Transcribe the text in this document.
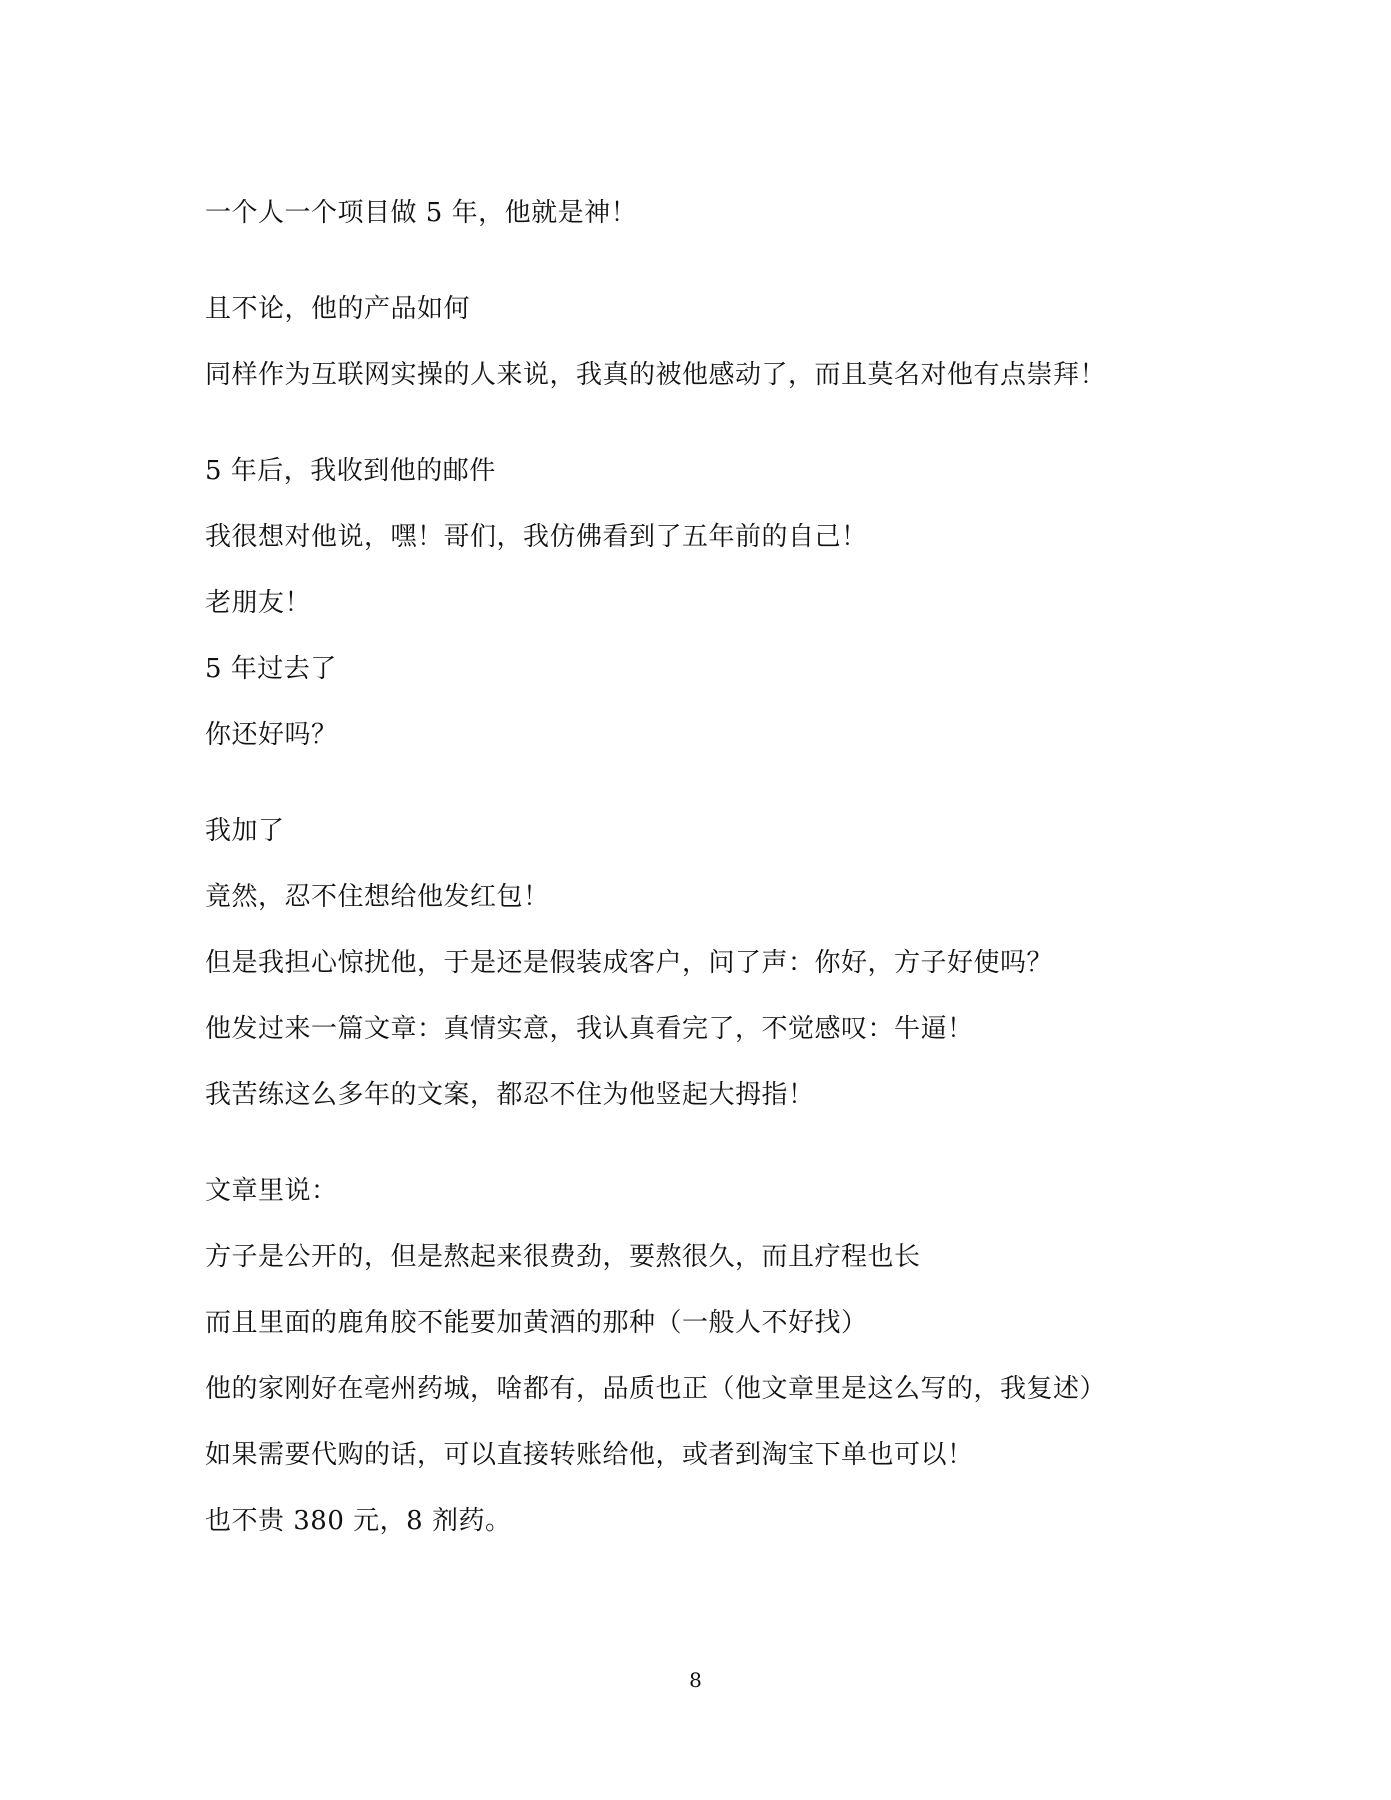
一个人一个项目做 5 年，他就是神！
且不论，他的产品如何
同样作为互联网实操的人来说，我真的被他感动了，而且莫名对他有点崇拜！
5 年后，我收到他的邮件
我很想对他说，嘿！哥们，我仿佛看到了五年前的自己！
老朋友！
5 年过去了
你还好吗？
我加了
竟然，忍不住想给他发红包！
但是我担心惊扰他，于是还是假装成客户，问了声：你好，方子好使吗？
他发过来一篇文章：真情实意，我认真看完了，不觉感叹：牛逼！
我苦练这么多年的文案，都忍不住为他竖起大拇指！
文章里说：
方子是公开的，但是熬起来很费劲，要熬很久，而且疗程也长
而且里面的鹿角胶不能要加黄酒的那种（一般人不好找）
他的家刚好在亳州药城，啥都有，品质也正（他文章里是这么写的，我复述）
如果需要代购的话，可以直接转账给他，或者到淘宝下单也可以！
也不贵 380 元，8 剂药。
8
